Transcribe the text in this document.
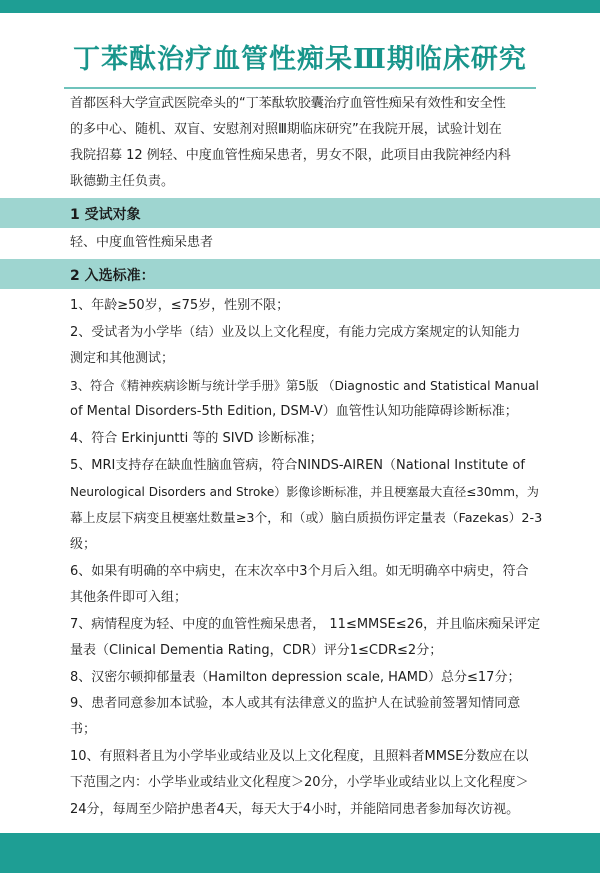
丁苯酞治疗血管性痴呆Ⅲ期临床研究
首都医科大学宣武医院牵头的“丁苯酞软胶囊治疗血管性痴呆有效性和安全性
的多中心、随机、双盲、安慰剂对照Ⅲ期临床研究”在我院开展，试验计划在
我院招募 12 例轻、中度血管性痴呆患者，男女不限，此项目由我院神经内科
耿德勤主任负责。
1 受试对象
轻、中度血管性痴呆患者
2 入选标准：
1、年龄≥50岁，≤75岁，性别不限；
2、受试者为小学毕（结）业及以上文化程度，有能力完成方案规定的认知能力
测定和其他测试；
3、符合《精神疾病诊断与统计学手册》第5版 （Diagnostic and Statistical Manual
of Mental Disorders-5th Edition, DSM-V）血管性认知功能障碍诊断标准；
4、符合 Erkinjuntti 等的 SIVD 诊断标准；
5、MRI支持存在缺血性脑血管病，符合NINDS-AIREN（National Institute of
Neurological Disorders and Stroke）影像诊断标准，并且梗塞最大直径≤30mm，为
幕上皮层下病变且梗塞灶数量≥3个，和（或）脑白质损伤评定量表（Fazekas）2-3
级；
6、如果有明确的卒中病史，在末次卒中3个月后入组。如无明确卒中病史，符合
其他条件即可入组；
7、病情程度为轻、中度的血管性痴呆患者， 11≤MMSE≤26，并且临床痴呆评定
量表（Clinical Dementia Rating，CDR）评分1≤CDR≤2分；
8、汉密尔顿抑郁量表（Hamilton depression scale, HAMD）总分≤17分；
9、患者同意参加本试验，本人或其有法律意义的监护人在试验前签署知情同意
书；
10、有照料者且为小学毕业或结业及以上文化程度，且照料者MMSE分数应在以
下范围之内：小学毕业或结业文化程度＞20分，小学毕业或结业以上文化程度＞
24分，每周至少陪护患者4天，每天大于4小时，并能陪同患者参加每次访视。
